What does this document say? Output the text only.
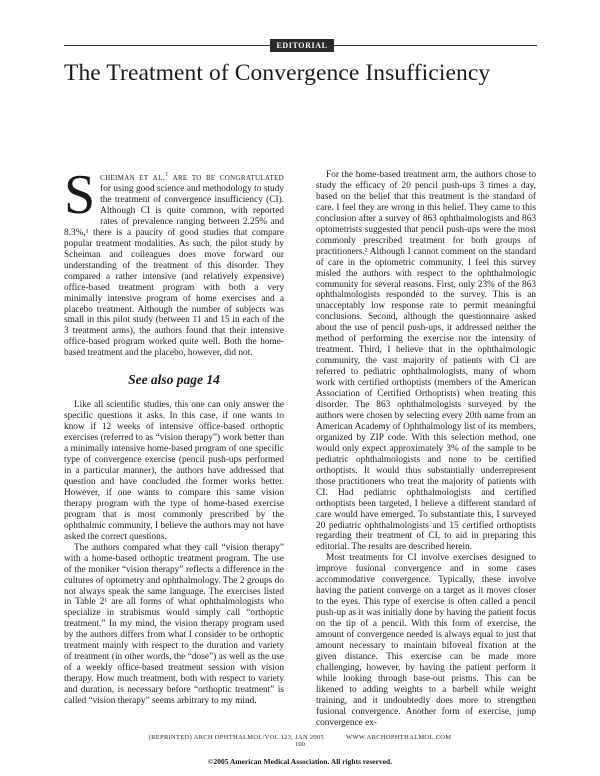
EDITORIAL
The Treatment of Convergence Insufficiency

Scheiman et al.$^1$ are to be congratulated for using good science and methodology to study the treatment of convergence insufficiency (CI). Although CI is quite common, with reported rates of prevalence ranging between 2.25% and 8.3%,¹ there is a paucity of good studies that compare popular treatment modalities. As such, the pilot study by Scheiman and colleagues does move forward our understanding of the treatment of this disorder. They compared a rather intensive (and relatively expensive) office-based treatment program with both a very minimally intensive program of home exercises and a placebo treatment. Although the number of subjects was small in this pilot study (between 11 and 15 in each of the 3 treatment arms), the authors found that their intensive office-based program worked quite well. Both the home-based treatment and the placebo, however, did not.

See also page 14

Like all scientific studies, this one can only answer the specific questions it asks. In this case, if one wants to know if 12 weeks of intensive office-based orthoptic exercises (referred to as “vision therapy”) work better than a minimally intensive home-based program of one specific type of convergence exercise (pencil push-ups performed in a particular manner), the authors have addressed that question and have concluded the former works better. However, if one wants to compare this same vision therapy program with the type of home-based exercise program that is most commonly prescribed by the ophthalmic community, I believe the authors may not have asked the correct questions.

The authors compared what they call “vision therapy” with a home-based orthoptic treatment program. The use of the moniker “vision therapy” reflects a difference in the cultures of optometry and ophthalmology. The 2 groups do not always speak the same language. The exercises listed in Table 2¹ are all forms of what ophthalmologists who specialize in strabismus would simply call “orthoptic treatment.” In my mind, the vision therapy program used by the authors differs from what I consider to be orthoptic treatment mainly with respect to the duration and variety of treatment (in other words, the “dose”) as well as the use of a weekly office-based treatment session with vision therapy. How much treatment, both with respect to variety and duration, is necessary before “orthoptic treatment” is called “vision therapy” seems arbitrary to my mind.

For the home-based treatment arm, the authors chose to study the efficacy of 20 pencil push-ups 3 times a day, based on the belief that this treatment is the standard of care. I feel they are wrong in this belief. They came to this conclusion after a survey of 863 ophthalmologists and 863 optometrists suggested that pencil push-ups were the most commonly prescribed treatment for both groups of practitioners.² Although I cannot comment on the standard of care in the optometric community, I feel this survey misled the authors with respect to the ophthalmologic community for several reasons. First, only 23% of the 863 ophthalmologists responded to the survey. This is an unacceptably low response rate to permit meaningful conclusions. Second, although the questionnaire asked about the use of pencil push-ups, it addressed neither the method of performing the exercise nor the intensity of treatment. Third, I believe that in the ophthalmologic community, the vast majority of patients with CI are referred to pediatric ophthalmologists, many of whom work with certified orthoptists (members of the American Association of Certified Orthoptists) when treating this disorder. The 863 ophthalmologists surveyed by the authors were chosen by selecting every 20th name from an American Academy of Ophthalmology list of its members, organized by ZIP code. With this selection method, one would only expect approximately 3% of the sample to be pediatric ophthalmologists and none to be certified orthoptists. It would thus substantially underrepresent those practitioners who treat the majority of patients with CI. Had pediatric ophthalmologists and certified orthoptists been targeted, I believe a different standard of care would have emerged. To substantiate this, I surveyed 20 pediatric ophthalmologists and 15 certified orthoptists regarding their treatment of CI, to aid in preparing this editorial. The results are described herein.

Most treatments for CI involve exercises designed to improve fusional convergence and in some cases accommodative convergence. Typically, these involve having the patient converge on a target as it moves closer to the eyes. This type of exercise is often called a pencil push-up as it was initially done by having the patient focus on the tip of a pencil. With this form of exercise, the amount of convergence needed is always equal to just that amount necessary to maintain bifoveal fixation at the given distance. This exercise can be made more challenging, however, by having the patient perform it while looking through base-out prisms. This can be likened to adding weights to a barbell while weight training, and it undoubtedly does more to strengthen fusional convergence. Another form of exercise, jump convergence ex-

(REPRINTED) ARCH OPHTHALMOL/VOL 123, JAN 2005	WWW.ARCHOPHTHALMOL.COM
100
©2005 American Medical Association. All rights reserved.
